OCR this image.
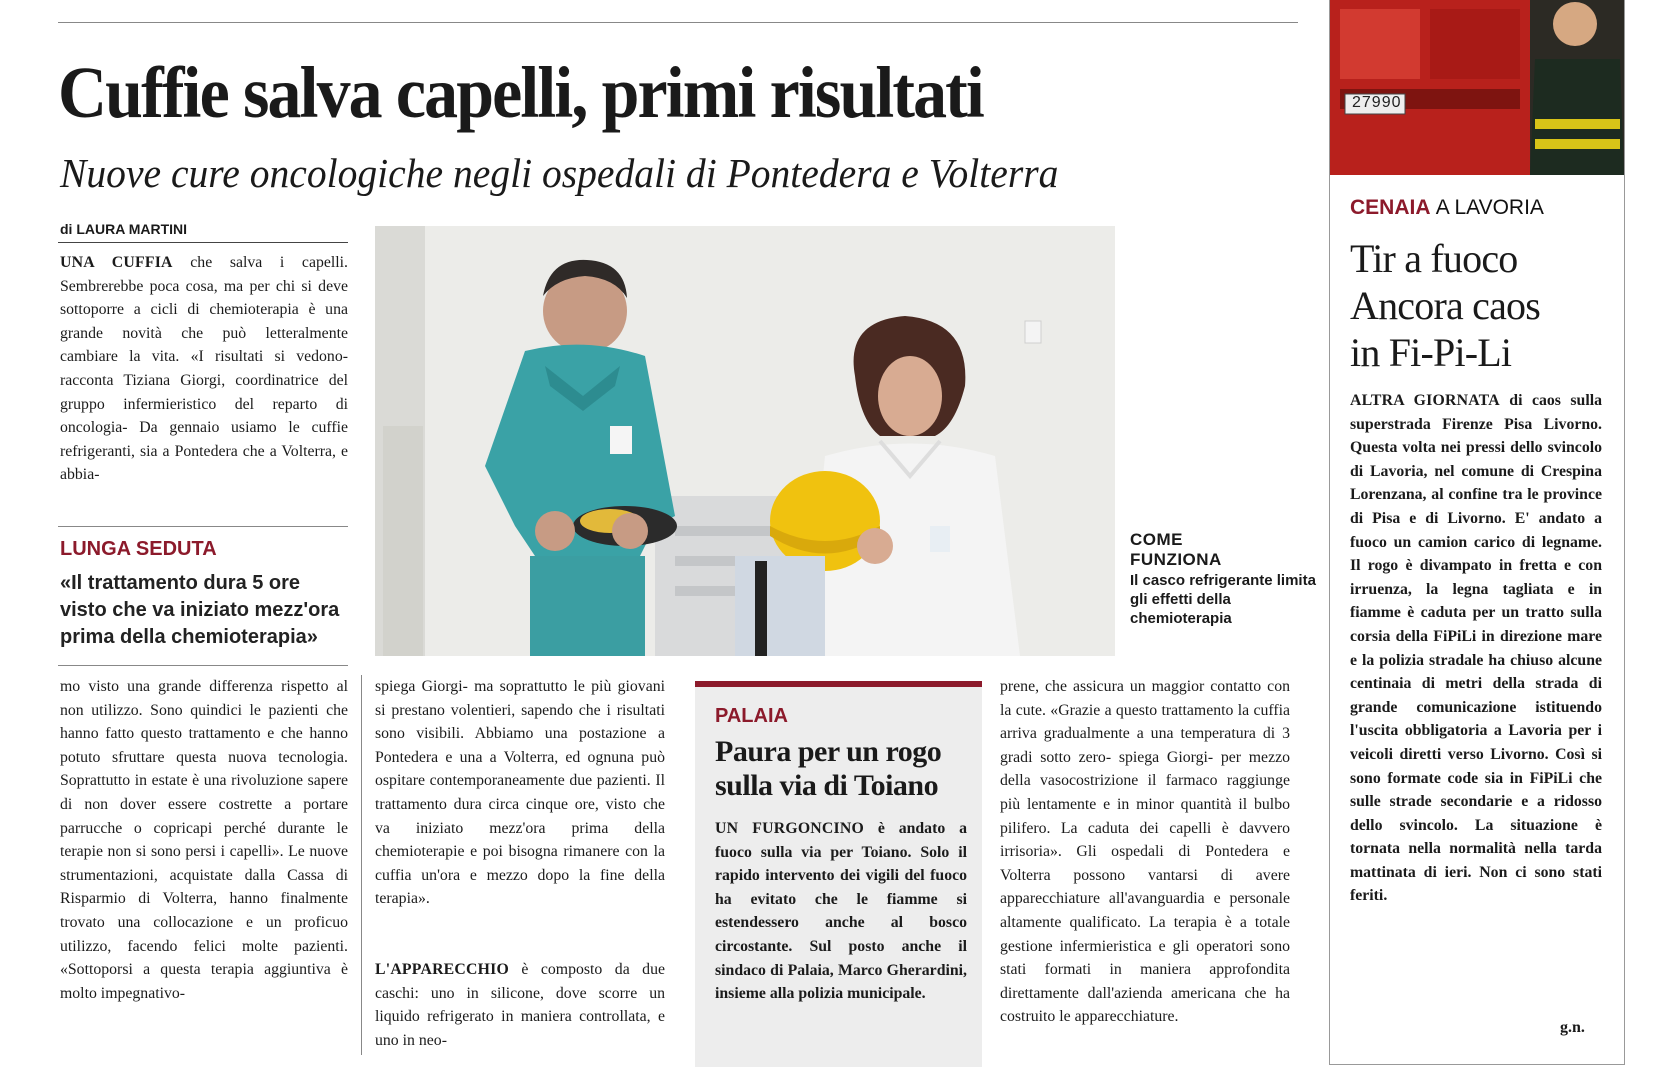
Cuffie salva capelli, primi risultati
Nuove cure oncologiche negli ospedali di Pontedera e Volterra
di LAURA MARTINI

UNA CUFFIA che salva i capelli. Sembrerebbe poca cosa, ma per chi si deve sottoporre a cicli di chemioterapia è una grande novità che può letteralmente cambiare la vita. «I risultati si vedono- racconta Tiziana Giorgi, coordinatrice del gruppo infermieristico del reparto di oncologia- Da gennaio usiamo le cuffie refrigeranti, sia a Pontedera che a Volterra, e abbia-

LUNGA SEDUTA
«Il trattamento dura 5 ore visto che va iniziato mezz'ora prima della chemioterapia»
COME
FUNZIONA
Il casco refrigerante limita gli effetti della chemioterapia

mo visto una grande differenza rispetto al non utilizzo. Sono quindici le pazienti che hanno fatto questo trattamento e che hanno potuto sfruttare questa nuova tecnologia. Soprattutto in estate è una rivoluzione sapere di non dover essere costrette a portare parrucche o copricapi perché durante le terapie non si sono persi i capelli». Le nuove strumentazioni, acquistate dalla Cassa di Risparmio di Volterra, hanno finalmente trovato una collocazione e un proficuo utilizzo, facendo felici molte pazienti. «Sottoporsi a questa terapia aggiuntiva è molto impegnativo-

spiega Giorgi- ma soprattutto le più giovani si prestano volentieri, sapendo che i risultati sono visibili. Abbiamo una postazione a Pontedera e una a Volterra, ed ognuna può ospitare contemporaneamente due pazienti. Il trattamento dura circa cinque ore, visto che va iniziato mezz'ora prima della chemioterapie e poi bisogna rimanere con la cuffia un'ora e mezzo dopo la fine della terapia».

L'APPARECCHIO è composto da due caschi: uno in silicone, dove scorre un liquido refrigerato in maniera controllata, e uno in neo-

PALAIA
Paura per un rogo sulla via di Toiano

UN FURGONCINO è andato a fuoco sulla via per Toiano. Solo il rapido intervento dei vigili del fuoco ha evitato che le fiamme si estendessero anche al bosco circostante. Sul posto anche il sindaco di Palaia, Marco Gherardini, insieme alla polizia municipale.

prene, che assicura un maggior contatto con la cute. «Grazie a questo trattamento la cuffia arriva gradualmente a una temperatura di 3 gradi sotto zero- spiega Giorgi- per mezzo della vasocostrizione il farmaco raggiunge più lentamente e in minor quantità il bulbo pilifero. La caduta dei capelli è davvero irrisoria». Gli ospedali di Pontedera e Volterra possono vantarsi di avere apparecchiature all'avanguardia e personale altamente qualificato. La terapia è a totale gestione infermieristica e gli operatori sono stati formati in maniera approfondita direttamente dall'azienda americana che ha costruito le apparecchiature.

27990
CENAIA A LAVORIA
Tir a fuoco
Ancora caos
in Fi-Pi-Li

ALTRA GIORNATA di caos sulla superstrada Firenze Pisa Livorno. Questa volta nei pressi dello svincolo di Lavoria, nel comune di Crespina Lorenzana, al confine tra le province di Pisa e di Livorno. E' andato a fuoco un camion carico di legname. Il rogo è divampato in fretta e con irruenza, la legna tagliata e in fiamme è caduta per un tratto sulla corsia della FiPiLi in direzione mare e la polizia stradale ha chiuso alcune centinaia di metri della strada di grande comunicazione istituendo l'uscita obbligatoria a Lavoria per i veicoli diretti verso Livorno. Così si sono formate code sia in FiPiLi che sulle strade secondarie e a ridosso dello svincolo. La situazione è tornata nella normalità nella tarda mattinata di ieri. Non ci sono stati feriti.

g.n.
